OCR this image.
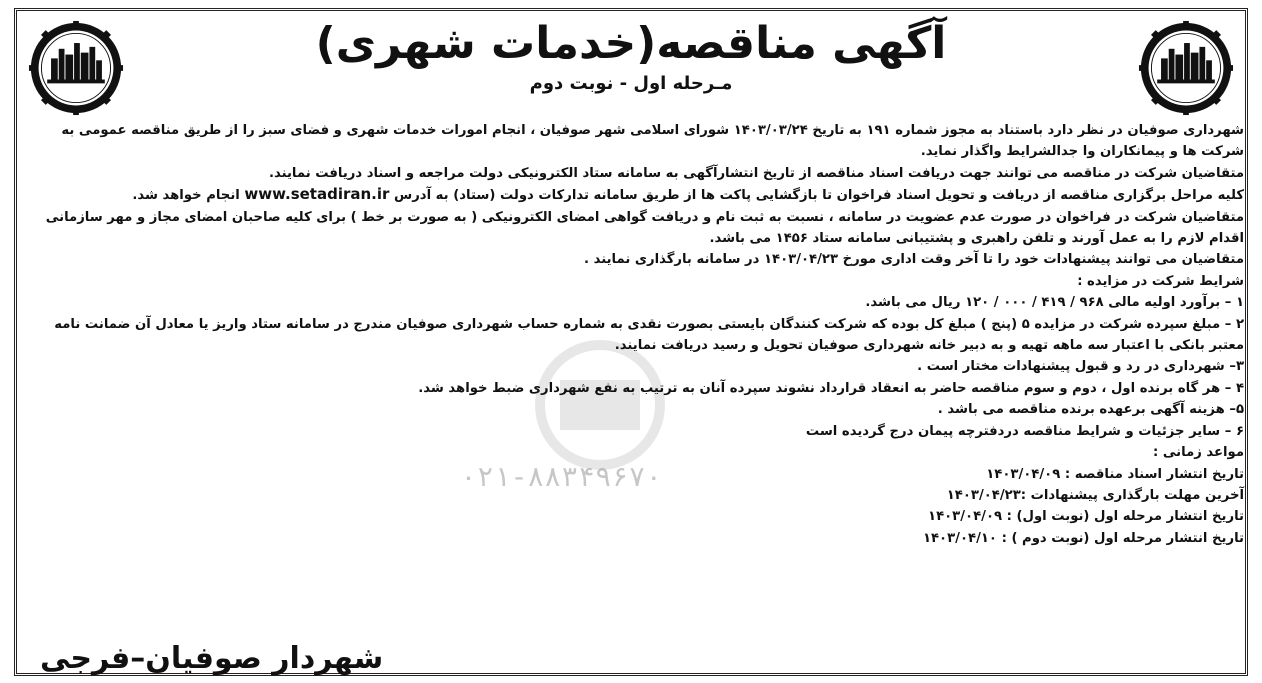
آگهی مناقصه(خدمات شهری)

مـرحله اول - نوبت دوم

۰۲۱-۸۸۳۴۹۶۷۰

شهرداری صوفیان در نظر دارد باستناد به مجوز شماره ۱۹۱ به تاریخ ۱۴۰۳/۰۳/۲۴ شورای اسلامی شهر صوفیان ، انجام امورات خدمات شهری و فضای سبز را از طریق مناقصه عمومی به شرکت ها و پیمانکاران وا جدالشرایط واگذار نماید.

متقاضیان شرکت در مناقصه می توانند جهت دریافت اسناد مناقصه از تاریخ انتشارآگهی به سامانه ستاد الکترونیکی دولت مراجعه و اسناد دریافت نمایند.

کلیه مراحل برگزاری مناقصه از دریافت و تحویل اسناد فراخوان تا بازگشایی پاکت ها از طریق سامانه تدارکات دولت (ستاد) به آدرس www.setadiran.ir انجام خواهد شد.

متقاضیان شرکت در فراخوان در صورت عدم عضویت در سامانه ، نسبت به ثبت نام و دریافت گواهی امضای الکترونیکی ( به صورت بر خط ) برای کلیه صاحبان امضای مجاز و مهر سازمانی اقدام لازم را به عمل آورند و تلفن راهبری و پشتیبانی سامانه ستاد ۱۴۵۶ می باشد.

متقاضیان می توانند پیشنهادات خود را تا آخر وقت اداری مورخ ۱۴۰۳/۰۴/۲۳ در سامانه بارگذاری نمایند .

شرایط شرکت در مزایده :

۱ – برآورد اولیه مالی ۹۶۸ / ۴۱۹ / ۰۰۰ / ۱۲۰ ریال می باشد.

۲ – مبلغ سپرده شرکت در مزایده ۵ (پنج ) مبلغ کل بوده که شرکت کنندگان بایستی بصورت نقدی به شماره حساب شهرداری صوفیان مندرج در سامانه ستاد واریز یا معادل آن ضمانت نامه معتبر بانکی با اعتبار سه ماهه تهیه و به دبیر خانه شهرداری صوفیان تحویل و رسید دریافت نمایند.

۳– شهرداری در رد و قبول پیشنهادات مختار است .

۴ – هر گاه برنده اول ، دوم و سوم مناقصه حاضر به انعقاد قرارداد نشوند سپرده آنان به ترتیب به نفع شهرداری ضبط خواهد شد.

۵– هزینه آگهی برعهده برنده مناقصه می باشد .

۶ – سایر جزئیات و شرایط مناقصه دردفترچه پیمان درج گردیده است

مواعد زمانی :

تاریخ انتشار اسناد مناقصه : ۱۴۰۳/۰۴/۰۹

آخرین مهلت بارگذاری پیشنهادات :۱۴۰۳/۰۴/۲۳

تاریخ انتشار مرحله اول (نوبت اول) : ۱۴۰۳/۰۴/۰۹

تاریخ انتشار مرحله اول (نوبت دوم ) : ۱۴۰۳/۰۴/۱۰

شهردار صوفیان–فرجی
